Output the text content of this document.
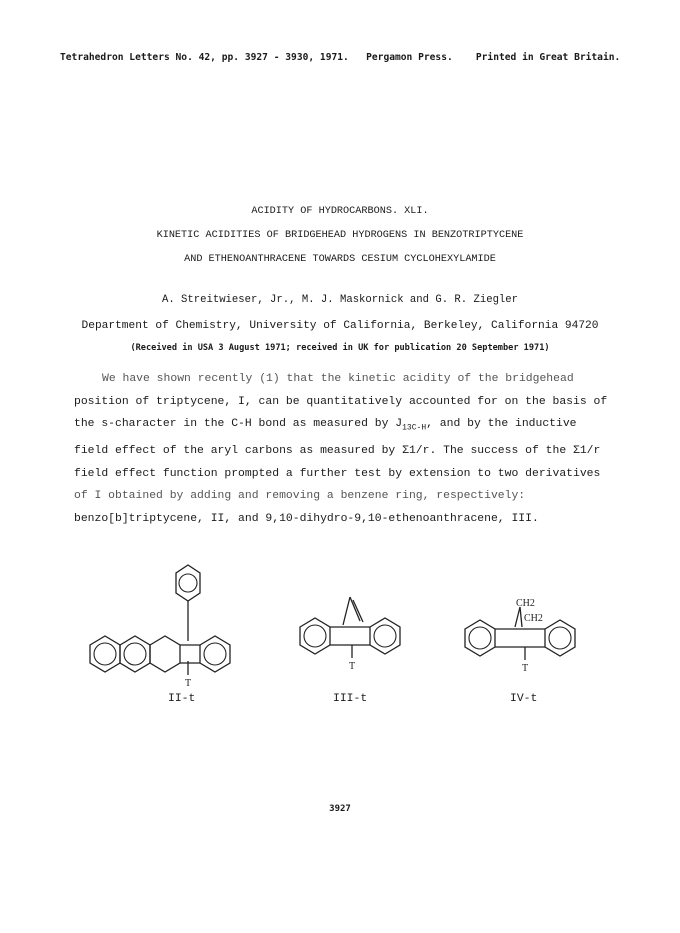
Tetrahedron Letters No. 42, pp. 3927 - 3930, 1971. Pergamon Press. Printed in Great Britain.
ACIDITY OF HYDROCARBONS. XLI.
KINETIC ACIDITIES OF BRIDGEHEAD HYDROGENS IN BENZOTRIPTYCENE
AND ETHENOANTHRACENE TOWARDS CESIUM CYCLOHEXYLAMIDE
A. Streitwieser, Jr., M. J. Maskornick and G. R. Ziegler
Department of Chemistry, University of California, Berkeley, California 94720
(Received in USA 3 August 1971; received in UK for publication 20 September 1971)
We have shown recently (1) that the kinetic acidity of the bridgehead
position of triptycene, I, can be quantitatively accounted for on the basis of
the s-character in the C-H bond as measured by $J_{13C-H}$, and by the inductive
field effect of the aryl carbons as measured by Σ1/r. The success of the Σ1/r
field effect function prompted a further test by extension to two derivatives
of I obtained by adding and removing a benzene ring, respectively:
benzo[b]triptycene, II, and 9,10-dihydro-9,10-ethenoanthracene, III.
T
T
CH2
CH2
T
II-t	III-t	IV-t
3927
